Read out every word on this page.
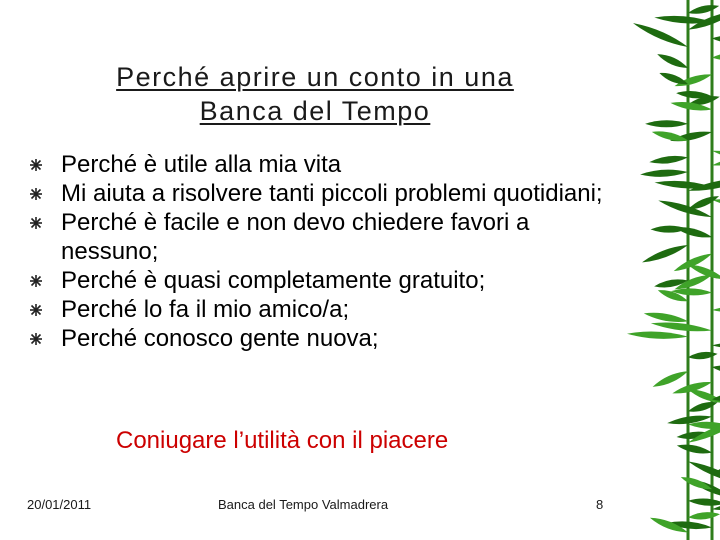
Perché aprire un conto in una
Banca del Tempo
Perché è utile alla mia vita
Mi aiuta a risolvere tanti piccoli problemi quotidiani;
Perché è facile e non devo chiedere favori a nessuno;
Perché è quasi completamente gratuito;
Perché lo fa il mio amico/a;
Perché conosco gente nuova;
Coniugare l’utilità con il piacere
20/01/2011	Banca del Tempo Valmadrera	8
